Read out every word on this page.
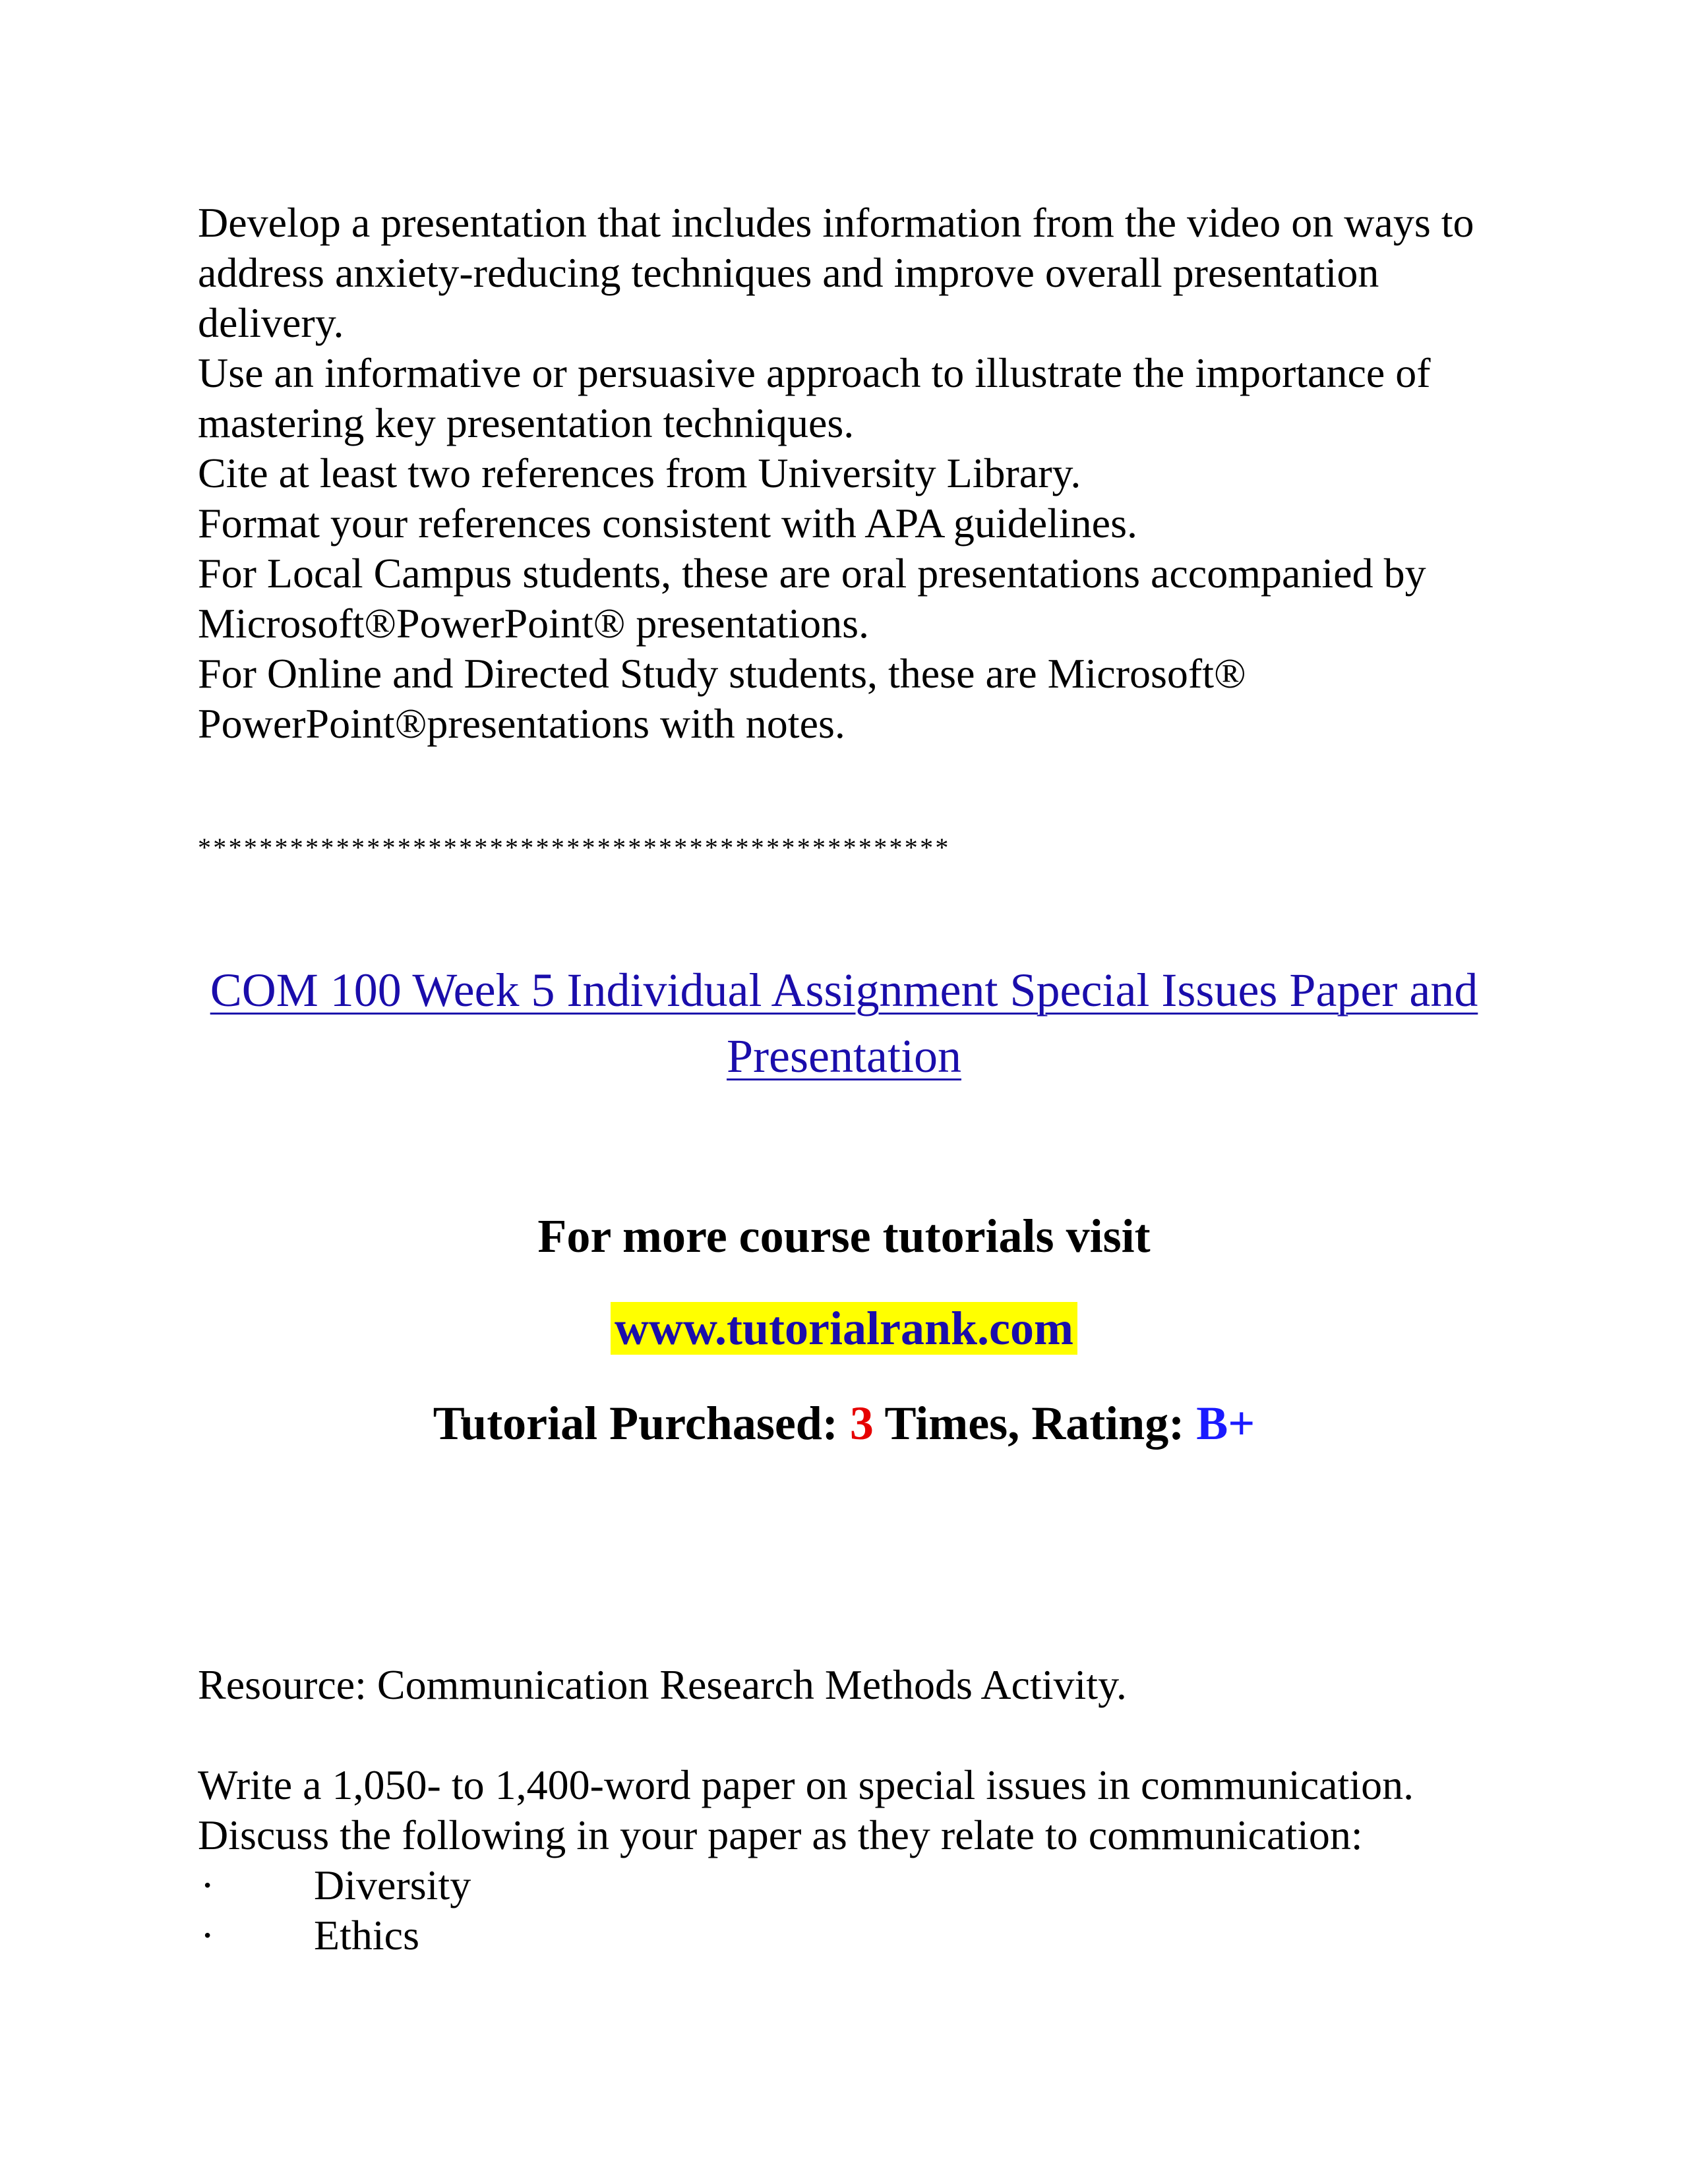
Develop a presentation that includes information from the video on ways to address anxiety-reducing techniques and improve overall presentation delivery.

Use an informative or persuasive approach to illustrate the importance of mastering key presentation techniques.

Cite at least two references from University Library.

Format your references consistent with APA guidelines.

For Local Campus students, these are oral presentations accompanied by Microsoft®PowerPoint® presentations.

For Online and Directed Study students, these are Microsoft® PowerPoint®presentations with notes.

*************************************************
COM 100 Week 5 Individual Assignment Special Issues Paper and Presentation

For more course tutorials visit

www.tutorialrank.com

Tutorial Purchased: 3 Times, Rating: B+

Resource: Communication Research Methods Activity.

Write a 1,050- to 1,400-word paper on special issues in communication.

Discuss the following in your paper as they relate to communication:

·	Diversity
·	Ethics
